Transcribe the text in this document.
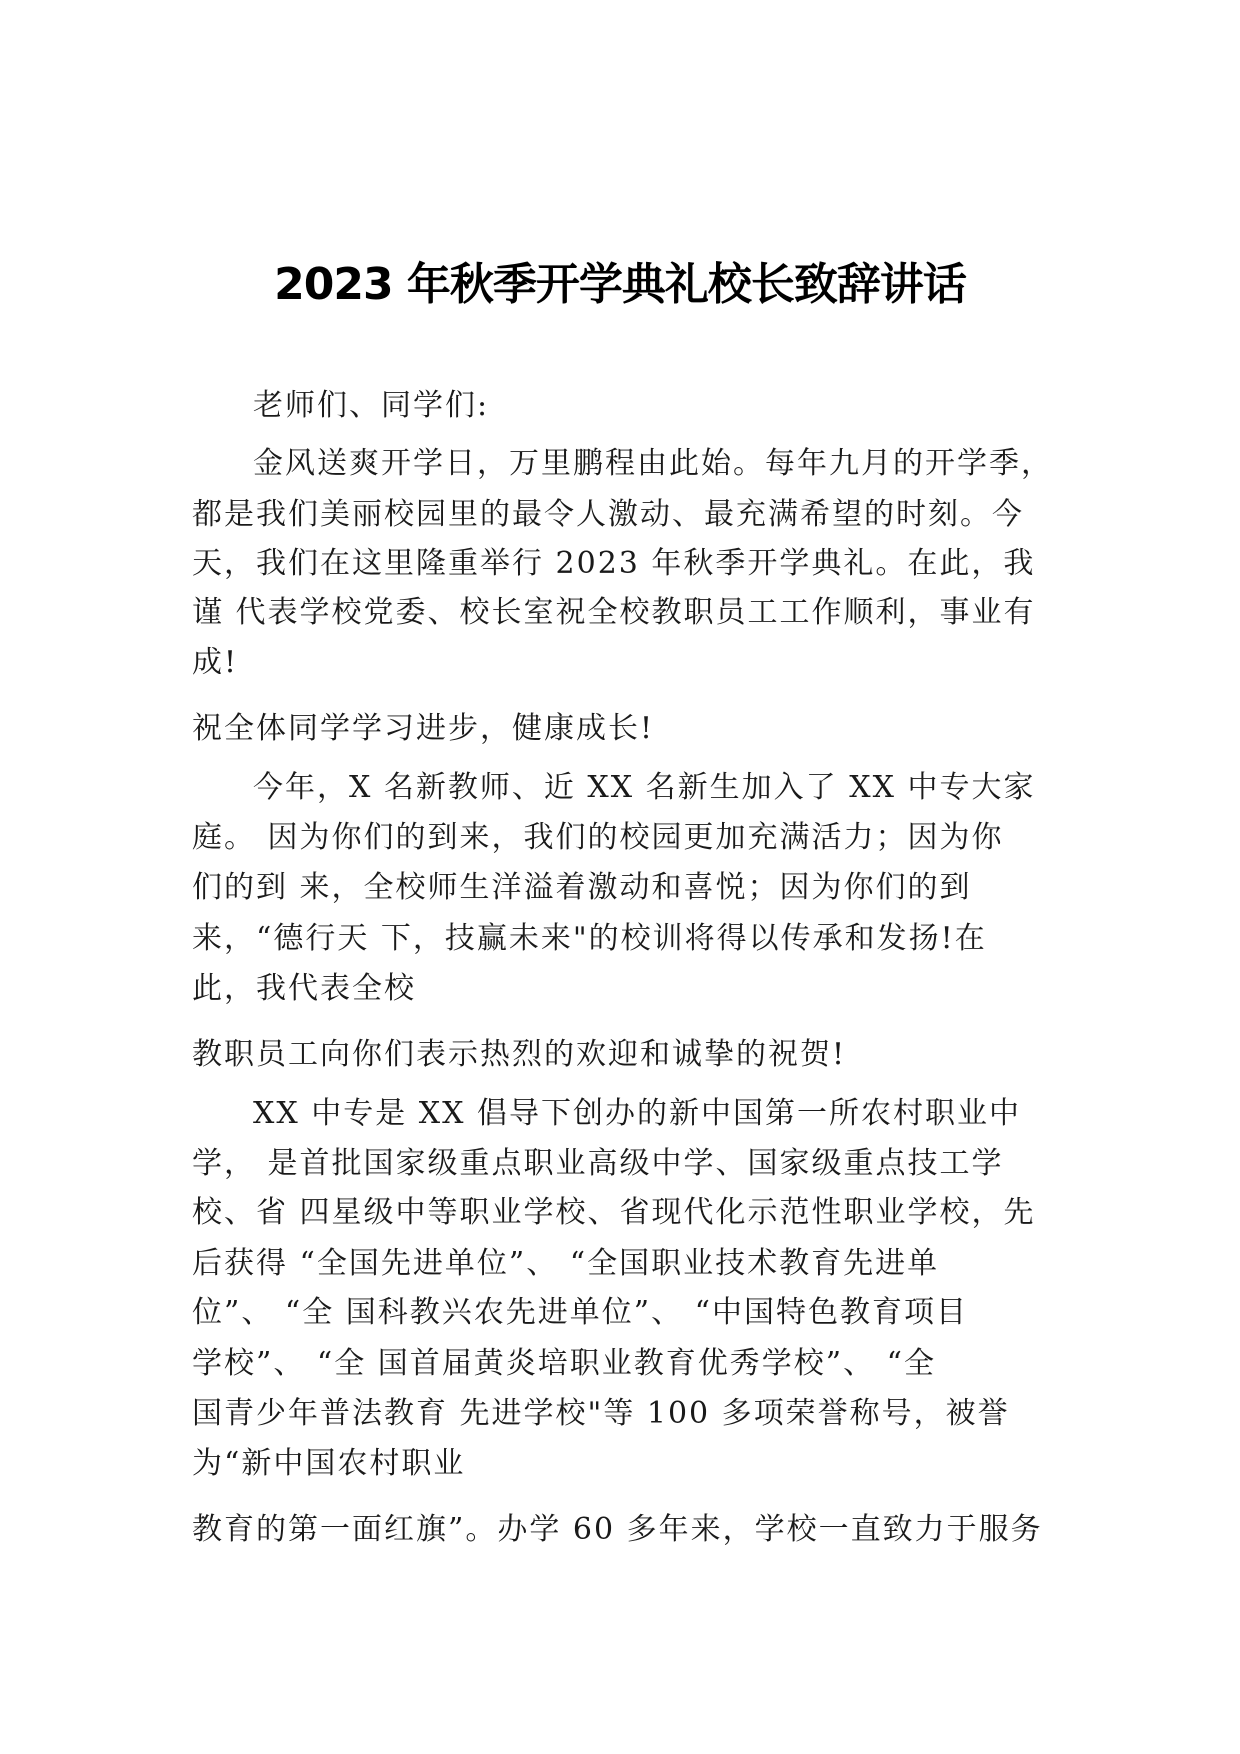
2023 年秋季开学典礼校长致辞讲话
老师们、同学们:
金风送爽开学日，万里鹏程由此始。每年九月的开学季，
都是我们美丽校园里的最令人激动、最充满希望的时刻。今
天，我们在这里隆重举行 2023 年秋季开学典礼。在此，我
谨 代表学校党委、校长室祝全校教职员工工作顺利，事业有
成!
祝全体同学学习进步，健康成长!
今年，X 名新教师、近 XX 名新生加入了 XX 中专大家
庭。 因为你们的到来，我们的校园更加充满活力；因为你
们的到 来，全校师生洋溢着激动和喜悦；因为你们的到
来，“德行天 下，技赢未来"的校训将得以传承和发扬!在
此，我代表全校
教职员工向你们表示热烈的欢迎和诚挚的祝贺!
XX 中专是 XX 倡导下创办的新中国第一所农村职业中
学， 是首批国家级重点职业高级中学、国家级重点技工学
校、省 四星级中等职业学校、省现代化示范性职业学校，先
后获得 “全国先进单位”、 “全国职业技术教育先进单
位”、 “全 国科教兴农先进单位”、 “中国特色教育项目
学校”、 “全 国首届黄炎培职业教育优秀学校”、 “全
国青少年普法教育 先进学校"等 100 多项荣誉称号，被誉
为“新中国农村职业
教育的第一面红旗”。办学 60 多年来，学校一直致力于服务
